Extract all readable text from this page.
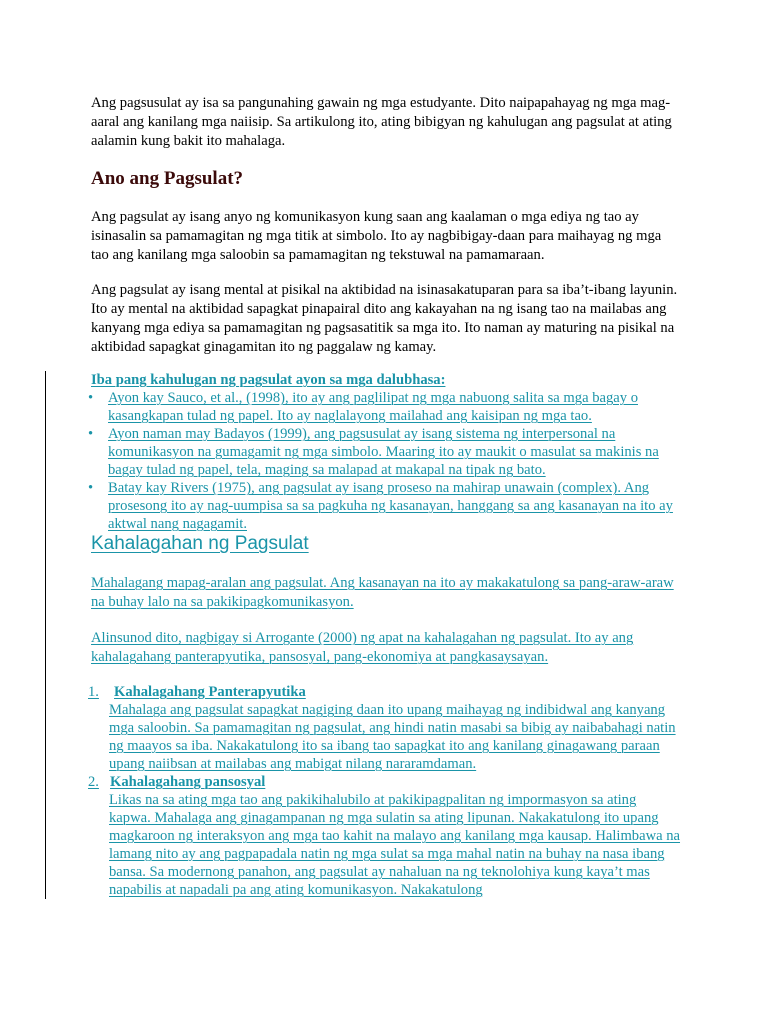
Ang pagsusulat ay isa sa pangunahing gawain ng mga estudyante. Dito naipapahayag ng mga mag-aaral ang kanilang mga naiisip. Sa artikulong ito, ating bibigyan ng kahulugan ang pagsulat at ating aalamin kung bakit ito mahalaga.

Ano ang Pagsulat?

Ang pagsulat ay isang anyo ng komunikasyon kung saan ang kaalaman o mga ediya ng tao ay isinasalin sa pamamagitan ng mga titik at simbolo. Ito ay nagbibigay-daan para maihayag ng mga tao ang kanilang mga saloobin sa pamamagitan ng tekstuwal na pamamaraan.

Ang pagsulat ay isang mental at pisikal na aktibidad na isinasakatuparan para sa iba’t-ibang layunin. Ito ay mental na aktibidad sapagkat pinapairal dito ang kakayahan na ng isang tao na mailabas ang kanyang mga ediya sa pamamagitan ng pagsasatitik sa mga ito. Ito naman ay maturing na pisikal na aktibidad sapagkat ginagamitan ito ng paggalaw ng kamay.

Iba pang kahulugan ng pagsulat ayon sa mga dalubhasa:

• Ayon kay Sauco, et al., (1998), ito ay ang paglilipat ng mga nabuong salita sa mga bagay o kasangkapan tulad ng papel. Ito ay naglalayong mailahad ang kaisipan ng mga tao.
• Ayon naman may Badayos (1999), ang pagsusulat ay isang sistema ng interpersonal na komunikasyon na gumagamit ng mga simbolo. Maaring ito ay maukit o masulat sa makinis na bagay tulad ng papel, tela, maging sa malapad at makapal na tipak ng bato.
• Batay kay Rivers (1975), ang pagsulat ay isang proseso na mahirap unawain (complex). Ang prosesong ito ay nag-uumpisa sa sa pagkuha ng kasanayan, hanggang sa ang kasanayan na ito ay aktwal nang nagagamit.
Kahalagahan ng Pagsulat

Mahalagang mapag-aralan ang pagsulat. Ang kasanayan na ito ay makakatulong sa pang-araw-araw na buhay lalo na sa pakikipagkomunikasyon.

Alinsunod dito, nagbigay si Arrogante (2000) ng apat na kahalagahan ng pagsulat. Ito ay ang kahalagahang panterapyutika, pansosyal, pang-ekonomiya at pangkasaysayan.

1. Kahalagahang Panterapyutika
Mahalaga ang pagsulat sapagkat nagiging daan ito upang maihayag ng indibidwal ang kanyang mga saloobin. Sa pamamagitan ng pagsulat, ang hindi natin masabi sa bibig ay naibabahagi natin ng maayos sa iba. Nakakatulong ito sa ibang tao sapagkat ito ang kanilang ginagawang paraan upang naiibsan at mailabas ang mabigat nilang nararamdaman.
2. Kahalagahang pansosyal
Likas na sa ating mga tao ang pakikihalubilo at pakikipagpalitan ng impormasyon sa ating kapwa. Mahalaga ang ginagampanan ng mga sulatin sa ating lipunan. Nakakatulong ito upang magkaroon ng interaksyon ang mga tao kahit na malayo ang kanilang mga kausap. Halimbawa na lamang nito ay ang pagpapadala natin ng mga sulat sa mga mahal natin na buhay na nasa ibang bansa. Sa modernong panahon, ang pagsulat ay nahaluan na ng teknolohiya kung kaya’t mas napabilis at napadali pa ang ating komunikasyon. Nakakatulong
